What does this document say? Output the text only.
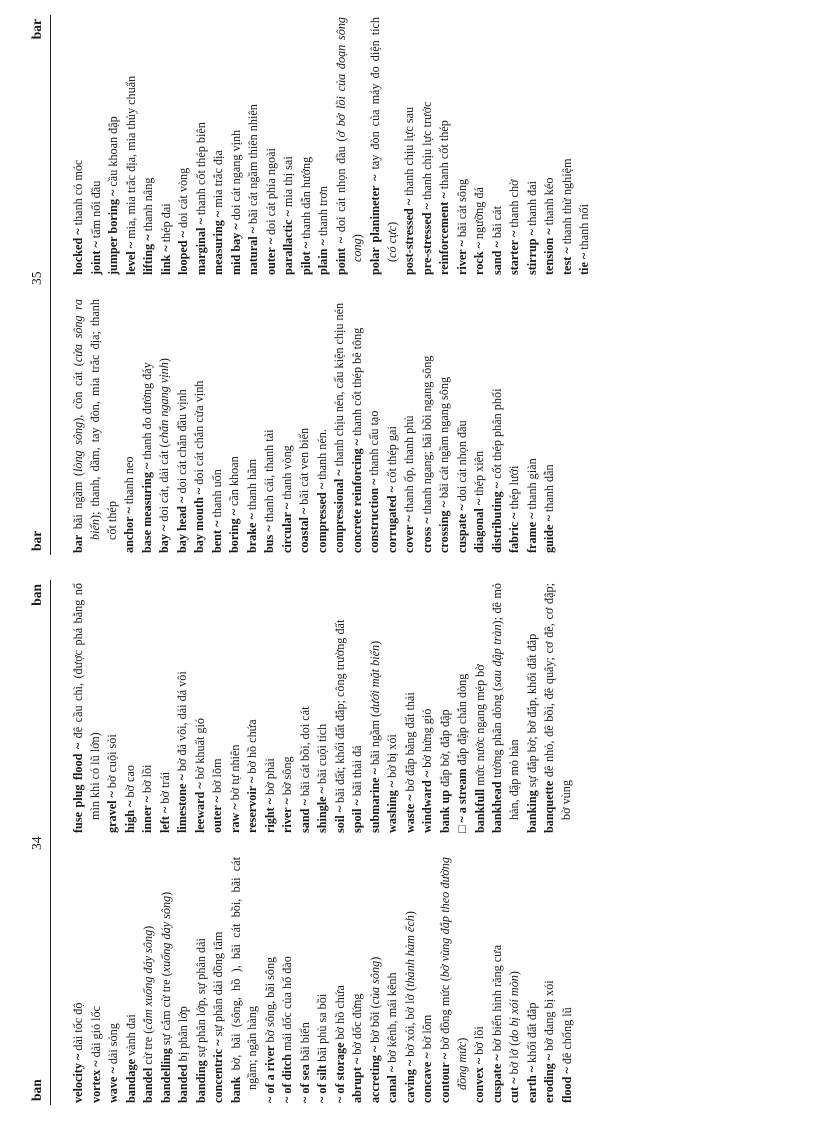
ban
34
ban
velocity ~ dải tốc độ
vortex ~ dải gió lốc
wave ~ dải sóng
bandage vành đai
bandel cừ tre (cắm xuống đáy sông)
bandelling sự cắm cừ tre (xuống đáy sông)
banded bị phân lớp
banding sự phân lớp, sự phân dải
concentric ~ sự phân dải đồng tâm
bank bờ, bãi (sông, hồ ), bãi cát bồi, bãi cát ngầm; ngân hàng ~ of a river bờ sông, bãi sông
~ of ditch mái dốc của hố đào
~ of sea bãi biển
~ of silt bãi phù sa bồi
~ of storage bờ hồ chứa
abrupt ~ bờ dốc đứng
accreting ~ bờ bồi (của sông)
canal ~ bờ kênh, mái kênh
caving ~ bờ xói, bờ lở (thành hàm ếch)
concave ~ bờ lõm
contour ~ bờ đồng mức (bờ vùng đắp theo đường đồng mức)
convex ~ bờ lồi
cuspate ~ bờ biển hình răng cưa
cut ~ bờ lở (do bị xói mòn)
earth ~ khối đất đắp
eroding ~ bờ đang bị xói
flood ~ đê chống lũ
fuse plug flood ~ đê cầu chì, (được phá bằng nổ mìn khi có lũ lớn) gravel ~ bờ cuội sỏi
high ~ bờ cao
inner ~ bờ lồi
left ~ bờ trái limestone ~ bờ đá vôi, dải đá vôi
leeward ~ bờ khuất gió
outer ~ bờ lõm
raw ~ bờ tự nhiên
reservoir ~ bờ hồ chứa
right ~ bờ phải
river ~ bờ sông
sand ~ bãi cát bồi, doi cát
shingle ~ bãi cuội tích
soil ~ bãi đất; khối đất đắp; công trường đất
spoil ~ bãi thải đá submarine ~ bãi ngầm (dưới mặt biển)
washing ~ bờ bị xói
waste ~ bờ đắp bằng đất thải
windward ~ bờ hứng gió
bank up đắp bờ, đắp đập
□ ~ a stream đắp đập chắn dòng
bankfull mức nước ngang mép bờ
bankhead tường phân dòng (sau đập tràn); đê mỏ hàn, đập mỏ hàn banking sự đắp bờ; bờ đắp, khối đất đắp
banquette đê nhỏ, đê bồi, đê quây; cơ đê, cơ đập; bờ vùng
bar
35
bar
bar bãi ngầm (lòng sông), cồn cát (cửa sông ra biển); thanh, dầm, tay đòn, mia trắc địa; thanh cốt thép anchor ~ thanh neo base measuring ~ thanh đo đường đáy
bay ~ doi cát, dải cát (chắn ngang vịnh)
bay head ~ doi cát chắn đầu vịnh
bay mouth ~ doi cát chắn cửa vịnh
bent ~ thanh uốn
boring ~ cần khoan
brake ~ thanh hãm
bus ~ thanh cái, thanh tải
circular ~ thanh vòng
coastal ~ bãi cát ven biển
compressed ~ thanh nén.
compressional ~ thanh chịu nén, cấu kiện chịu nén
concrete reinforcing ~ thanh cốt thép bê tông
construction ~ thanh cấu tạo
corrugated ~ cốt thép gai
cover ~ thanh ốp, thanh phủ
cross ~ thanh ngang; bãi bồi ngang sông
crossing ~ bãi cát ngầm ngang sông
cuspate ~ doi cát nhọn đầu
diagonal ~ thép xiên
distributing ~ cốt thép phân phối
fabric ~ thép lưới
frame ~ thanh giàn
guide ~ thanh dẫn
hocked ~ thanh có móc
joint ~ tấm nối đầu jumper boring ~ cầu khoan đập
level ~ mia, mia trắc địa, mia thủy chuẩn
lifting ~ thanh nâng
link ~ thép đai
looped ~ doi cát vòng
marginal ~ thanh cốt thép biên
measuring ~ mia trắc địa
mid bay ~ doi cát ngang vịnh
natural ~ bãi cát ngầm thiên nhiên
outer ~ doi cát phía ngoài
parallactic ~ mia thị sai
pilot ~ thanh dẫn hướng
plain ~ thanh trơn
point ~ doi cát nhọn đầu (ở bờ lồi của đoạn sông cong) polar planimeter ~ tay đòn của máy đo diện tích (có cực) post-stressed ~ thanh chịu lực sau
pre-stressed ~ thanh chịu lực trước
reinforcement ~ thanh cốt thép
river ~ bãi cát sông
rock ~ ngưỡng đá
sand ~ bãi cát
starter ~ thanh chờ
stirrup ~ thanh đai
tension ~ thanh kéo
test ~ thanh thử nghiệm
tie ~ thanh nối
